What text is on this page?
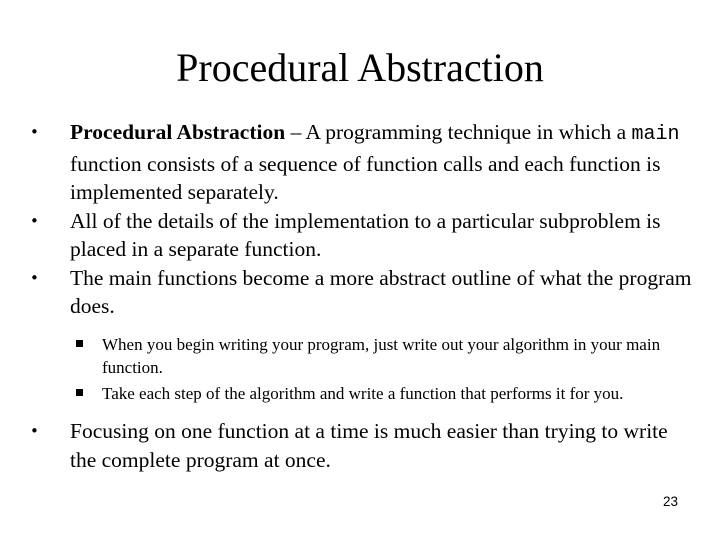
Procedural Abstraction
• Procedural Abstraction – A programming technique in which a main function consists of a sequence of function calls and each function is implemented separately.
• All of the details of the implementation to a particular subproblem is placed in a separate function.
• The main functions become a more abstract outline of what the program does.
When you begin writing your program, just write out your algorithm in your main function.
Take each step of the algorithm and write a function that performs it for you.
• Focusing on one function at a time is much easier than trying to write the complete program at once.
23
